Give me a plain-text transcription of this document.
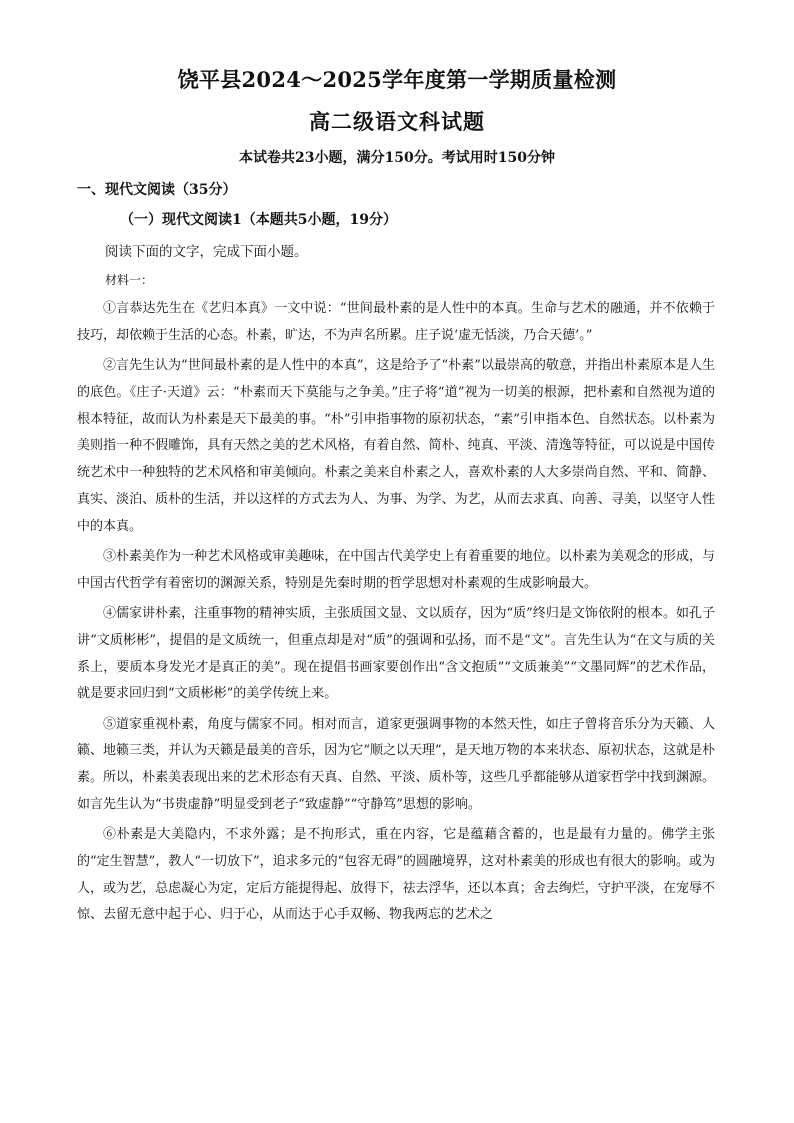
饶平县2024～2025学年度第一学期质量检测
高二级语文科试题
本试卷共23小题，满分150分。考试用时150分钟
一、现代文阅读（35分）
（一）现代文阅读1（本题共5小题，19分）
阅读下面的文字，完成下面小题。
材料一：

①言恭达先生在《艺归本真》一文中说：“世间最朴素的是人性中的本真。生命与艺术的融通，并不依赖于技巧，却依赖于生活的心态。朴素，旷达，不为声名所累。庄子说‘虚无恬淡，乃合天德’。”

②言先生认为“世间最朴素的是人性中的本真”，这是给予了“朴素”以最崇高的敬意，并指出朴素原本是人生的底色。《庄子·天道》云：“朴素而天下莫能与之争美。”庄子将“道”视为一切美的根源，把朴素和自然视为道的根本特征，故而认为朴素是天下最美的事。“朴”引申指事物的原初状态，“素”引申指本色、自然状态。以朴素为美则指一种不假雕饰，具有天然之美的艺术风格，有着自然、简朴、纯真、平淡、清逸等特征，可以说是中国传统艺术中一种独特的艺术风格和审美倾向。朴素之美来自朴素之人，喜欢朴素的人大多崇尚自然、平和、简静、真实、淡泊、质朴的生活，并以这样的方式去为人、为事、为学、为艺，从而去求真、向善、寻美，以坚守人性中的本真。

③朴素美作为一种艺术风格或审美趣味，在中国古代美学史上有着重要的地位。以朴素为美观念的形成，与中国古代哲学有着密切的渊源关系，特别是先秦时期的哲学思想对朴素观的生成影响最大。

④儒家讲朴素，注重事物的精神实质，主张质国文显、文以质存，因为“质”终归是文饰依附的根本。如孔子讲“文质彬彬”，提倡的是文质统一，但重点却是对“质”的强调和弘扬，而不是“文”。言先生认为“在文与质的关系上，要质本身发光才是真正的美”。现在提倡书画家要创作出“含文抱质”“文质兼美”“文墨同辉”的艺术作品，就是要求回归到“文质彬彬”的美学传统上来。

⑤道家重视朴素，角度与儒家不同。相对而言，道家更强调事物的本然天性，如庄子曾将音乐分为天籁、人籁、地籁三类，并认为天籁是最美的音乐，因为它“顺之以天理”，是天地万物的本来状态、原初状态，这就是朴素。所以，朴素美表现出来的艺术形态有天真、自然、平淡、质朴等，这些几乎都能够从道家哲学中找到渊源。如言先生认为“书贵虚静”明显受到老子“致虚静”“守静笃”思想的影响。

⑥朴素是大美隐内，不求外露；是不拘形式，重在内容，它是蕴藉含蓄的，也是最有力量的。佛学主张的“定生智慧”，教人“一切放下”，追求多元的“包容无碍”的圆融境界，这对朴素美的形成也有很大的影响。或为人，或为艺，总虑凝心为定，定后方能提得起、放得下，祛去浮华，还以本真；舍去绚烂，守护平淡，在宠辱不惊、去留无意中起于心、归于心，从而达于心手双畅、物我两忘的艺术之
